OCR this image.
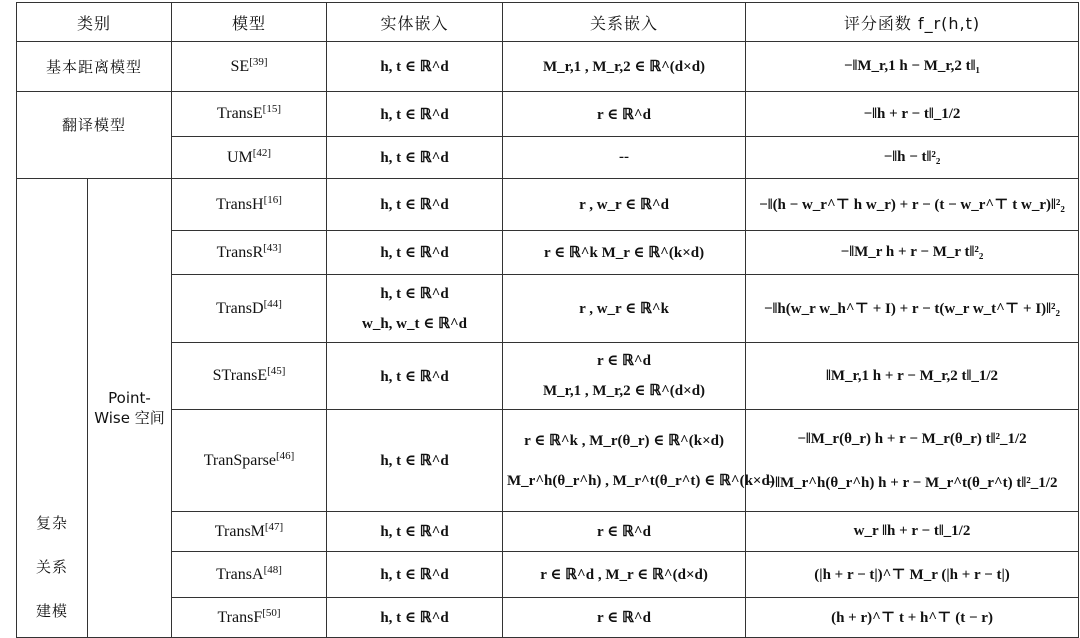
类别		模型	实体嵌入	关系嵌入	评分函数 f_r(h,t)
基本距离模型		SE[39]	h, t ∈ ℝ^d	M_r,1 , M_r,2 ∈ ℝ^(d×d)	−‖M_r,1 h − M_r,2 t‖₁
翻译模型		TransE[15]	h, t ∈ ℝ^d	r ∈ ℝ^d	−‖h + r − t‖_1/2
		UM[42]	h, t ∈ ℝ^d	--	−‖h − t‖²₂

复杂
关系
建模	Point-Wise 空间	TransH[16]	h, t ∈ ℝ^d	r , w_r ∈ ℝ^d	−‖(h − w_r^⊤ h w_r) + r − (t − w_r^⊤ t w_r)‖²₂
		TransR[43]	h, t ∈ ℝ^d	r ∈ ℝ^k M_r ∈ ℝ^(k×d)	−‖M_r h + r − M_r t‖²₂
		TransD[44]	h, t ∈ ℝ^d
w_h, w_t ∈ ℝ^d	r , w_r ∈ ℝ^k	−‖h(w_r w_h^⊤ + I) + r − t(w_r w_t^⊤ + I)‖²₂
		STransE[45]	h, t ∈ ℝ^d	r ∈ ℝ^d
M_r,1 , M_r,2 ∈ ℝ^(d×d)	‖M_r,1 h + r − M_r,2 t‖_1/2
		TranSparse[46]	h, t ∈ ℝ^d	r ∈ ℝ^k , M_r(θ_r) ∈ ℝ^(k×d)
M_r^h(θ_r^h) , M_r^t(θ_r^t) ∈ ℝ^(k×d)	−‖M_r(θ_r) h + r − M_r(θ_r) t‖²_1/2
−‖M_r^h(θ_r^h) h + r − M_r^t(θ_r^t) t‖²_1/2

		TransM[47]	h, t ∈ ℝ^d	r ∈ ℝ^d	w_r ‖h + r − t‖_1/2
		TransA[48]	h, t ∈ ℝ^d	r ∈ ℝ^d , M_r ∈ ℝ^(d×d)	(|h + r − t|)^⊤ M_r (|h + r − t|)
		TransF[50]	h, t ∈ ℝ^d	r ∈ ℝ^d	(h + r)^⊤ t + h^⊤ (t − r)
